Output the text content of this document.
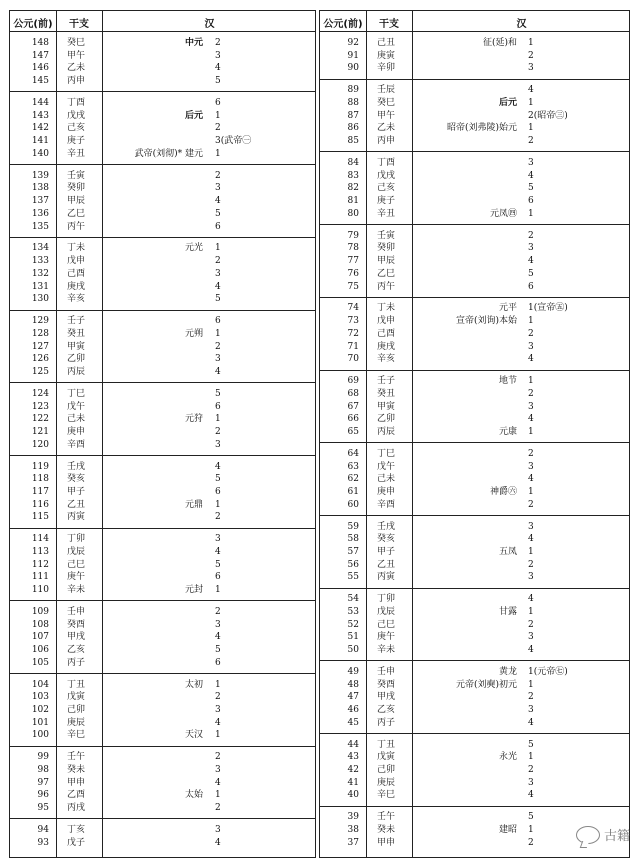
公元(前)	干支	汉
148 癸巳	中元 2
147 甲午	3
146 乙未	4
145 丙申	5
144 丁酉	6
143 戊戌	后元 1
142 己亥	2
141 庚子	3(武帝㊀
140 辛丑	武帝(刘彻)* 建元 1
139 壬寅	2
138 癸卯	3
137 甲辰	4
136 乙巳	5
135 丙午	6
134 丁未	元光 1
133 戊申	2
132 己酉	3
131 庚戌	4
130 辛亥	5
129 壬子	6
128 癸丑	元朔 1
127 甲寅	2
126 乙卯	3
125 丙辰	4
124 丁巳	5
123 戊午	6
122 己未	元狩 1
121 庚申	2
120 辛酉	3
119 壬戌	4
118 癸亥	5
117 甲子	6
116 乙丑	元鼎 1
115 丙寅	2
114 丁卯	3
113 戊辰	4
112 己巳	5
111 庚午	6
110 辛未	元封 1
109 壬申	2
108 癸酉	3
107 甲戌	4
106 乙亥	5
105 丙子	6
104 丁丑	太初 1
103 戊寅	2
102 己卯	3
101 庚辰	4
100 辛巳	天汉 1
99 壬午	2
98 癸未	3
97 甲申	4
96 乙酉	太始 1
95 丙戌	2
94 丁亥	3
93 戊子	4
公元(前)	干支	汉
92 己丑	征(延)和 1
91 庚寅	2
90 辛卯	3
89 壬辰	4
88 癸巳	后元 1
87 甲午	2(昭帝㊂)
86 乙未	昭帝(刘弗陵)始元 1
85 丙申	2
84 丁酉	3
83 戊戌	4
82 己亥	5
81 庚子	6
80 辛丑	元凤㊃ 1
79 壬寅	2
78 癸卯	3
77 甲辰	4
76 乙巳	5
75 丙午	6
74 丁未	元平 1(宣帝㊄)
73 戊申	宣帝(刘询)本始 1
72 己酉	2
71 庚戌	3
70 辛亥	4
69 壬子	地节 1
68 癸丑	2
67 甲寅	3
66 乙卯	4
65 丙辰	元康 1
64 丁巳	2
63 戊午	3
62 己未	4
61 庚申	神爵㊅ 1
60 辛酉	2
59 壬戌	3
58 癸亥	4
57 甲子	五凤 1
56 乙丑	2
55 丙寅	3
54 丁卯	4
53 戊辰	甘露 1
52 己巳	2
51 庚午	3
50 辛未	4
49 壬申	黄龙 1(元帝㊆)
48 癸酉	元帝(刘奭)初元 1
47 甲戌	2
46 乙亥	3
45 丙子	4
44 丁丑	5
43 戊寅	永光 1
42 己卯	2
41 庚辰	3
40 辛巳	4
39 壬午	5
38 癸未	建昭 1
37 甲申	2	古籍
